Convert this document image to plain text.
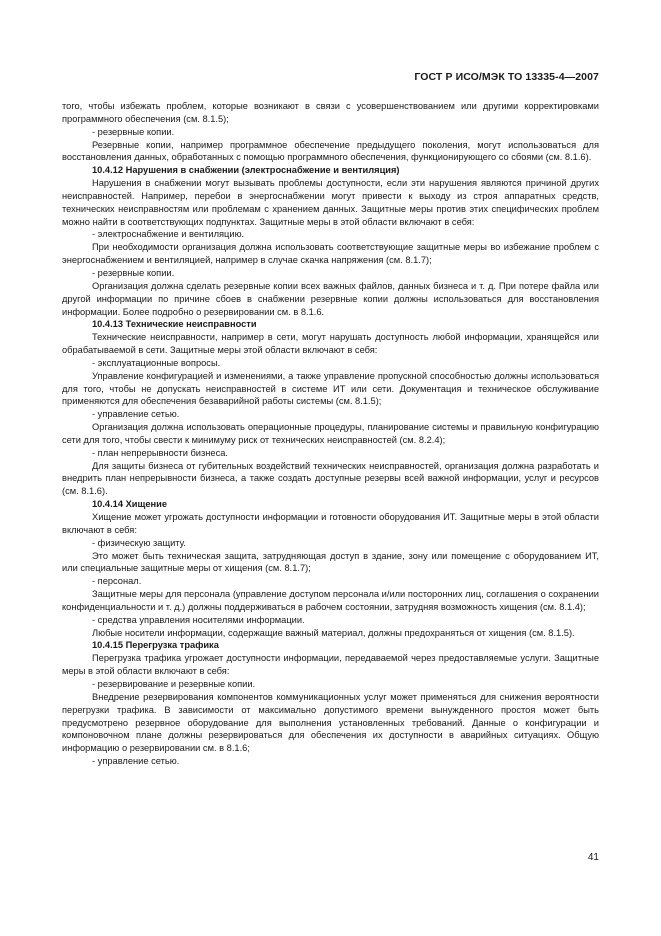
ГОСТ Р ИСО/МЭК ТО 13335-4—2007

того, чтобы избежать проблем, которые возникают в связи с усовершенствованием или другими корректировками программного обеспечения (см. 8.1.5);

- резервные копии.

Резервные копии, например программное обеспечение предыдущего поколения, могут использоваться для восстановления данных, обработанных с помощью программного обеспечения, функционирующего со сбоями (см. 8.1.6).

10.4.12 Нарушения в снабжении (электроснабжение и вентиляция)

Нарушения в снабжении могут вызывать проблемы доступности, если эти нарушения являются причиной других неисправностей. Например, перебои в энергоснабжении могут привести к выходу из строя аппаратных средств, технических неисправностям или проблемам с хранением данных. Защитные меры против этих специфических проблем можно найти в соответствующих подпунктах. Защитные меры в этой области включают в себя:

- электроснабжение и вентиляцию.

При необходимости организация должна использовать соответствующие защитные меры во избежание проблем с энергоснабжением и вентиляцией, например в случае скачка напряжения (см. 8.1.7);

- резервные копии.

Организация должна сделать резервные копии всех важных файлов, данных бизнеса и т. д. При потере файла или другой информации по причине сбоев в снабжении резервные копии должны использоваться для восстановления информации. Более подробно о резервировании см. в 8.1.6.

10.4.13 Технические неисправности

Технические неисправности, например в сети, могут нарушать доступность любой информации, хранящейся или обрабатываемой в сети. Защитные меры этой области включают в себя:

- эксплуатационные вопросы.

Управление конфигурацией и изменениями, а также управление пропускной способностью должны использоваться для того, чтобы не допускать неисправностей в системе ИТ или сети. Документация и техническое обслуживание применяются для обеспечения безаварийной работы системы (см. 8.1.5);

- управление сетью.

Организация должна использовать операционные процедуры, планирование системы и правильную конфигурацию сети для того, чтобы свести к минимуму риск от технических неисправностей (см. 8.2.4);

- план непрерывности бизнеса.

Для защиты бизнеса от губительных воздействий технических неисправностей, организация должна разработать и внедрить план непрерывности бизнеса, а также создать доступные резервы всей важной информации, услуг и ресурсов (см. 8.1.6).

10.4.14 Хищение

Хищение может угрожать доступности информации и готовности оборудования ИТ. Защитные меры в этой области включают в себя:

- физическую защиту.

Это может быть техническая защита, затрудняющая доступ в здание, зону или помещение с оборудованием ИТ, или специальные защитные меры от хищения (см. 8.1.7);

- персонал.

Защитные меры для персонала (управление доступом персонала и/или посторонних лиц, соглашения о сохранении конфиденциальности и т. д.) должны поддерживаться в рабочем состоянии, затрудняя возможность хищения (см. 8.1.4);

- средства управления носителями информации.

Любые носители информации, содержащие важный материал, должны предохраняться от хищения (см. 8.1.5).

10.4.15 Перегрузка трафика

Перегрузка трафика угрожает доступности информации, передаваемой через предоставляемые услуги. Защитные меры в этой области включают в себя:

- резервирование и резервные копии.

Внедрение резервирования компонентов коммуникационных услуг может применяться для снижения вероятности перегрузки трафика. В зависимости от максимально допустимого времени вынужденного простоя может быть предусмотрено резервное оборудование для выполнения установленных требований. Данные о конфигурации и компоновочном плане должны резервироваться для обеспечения их доступности в аварийных ситуациях. Общую информацию о резервировании см. в 8.1.6;

- управление сетью.

41
